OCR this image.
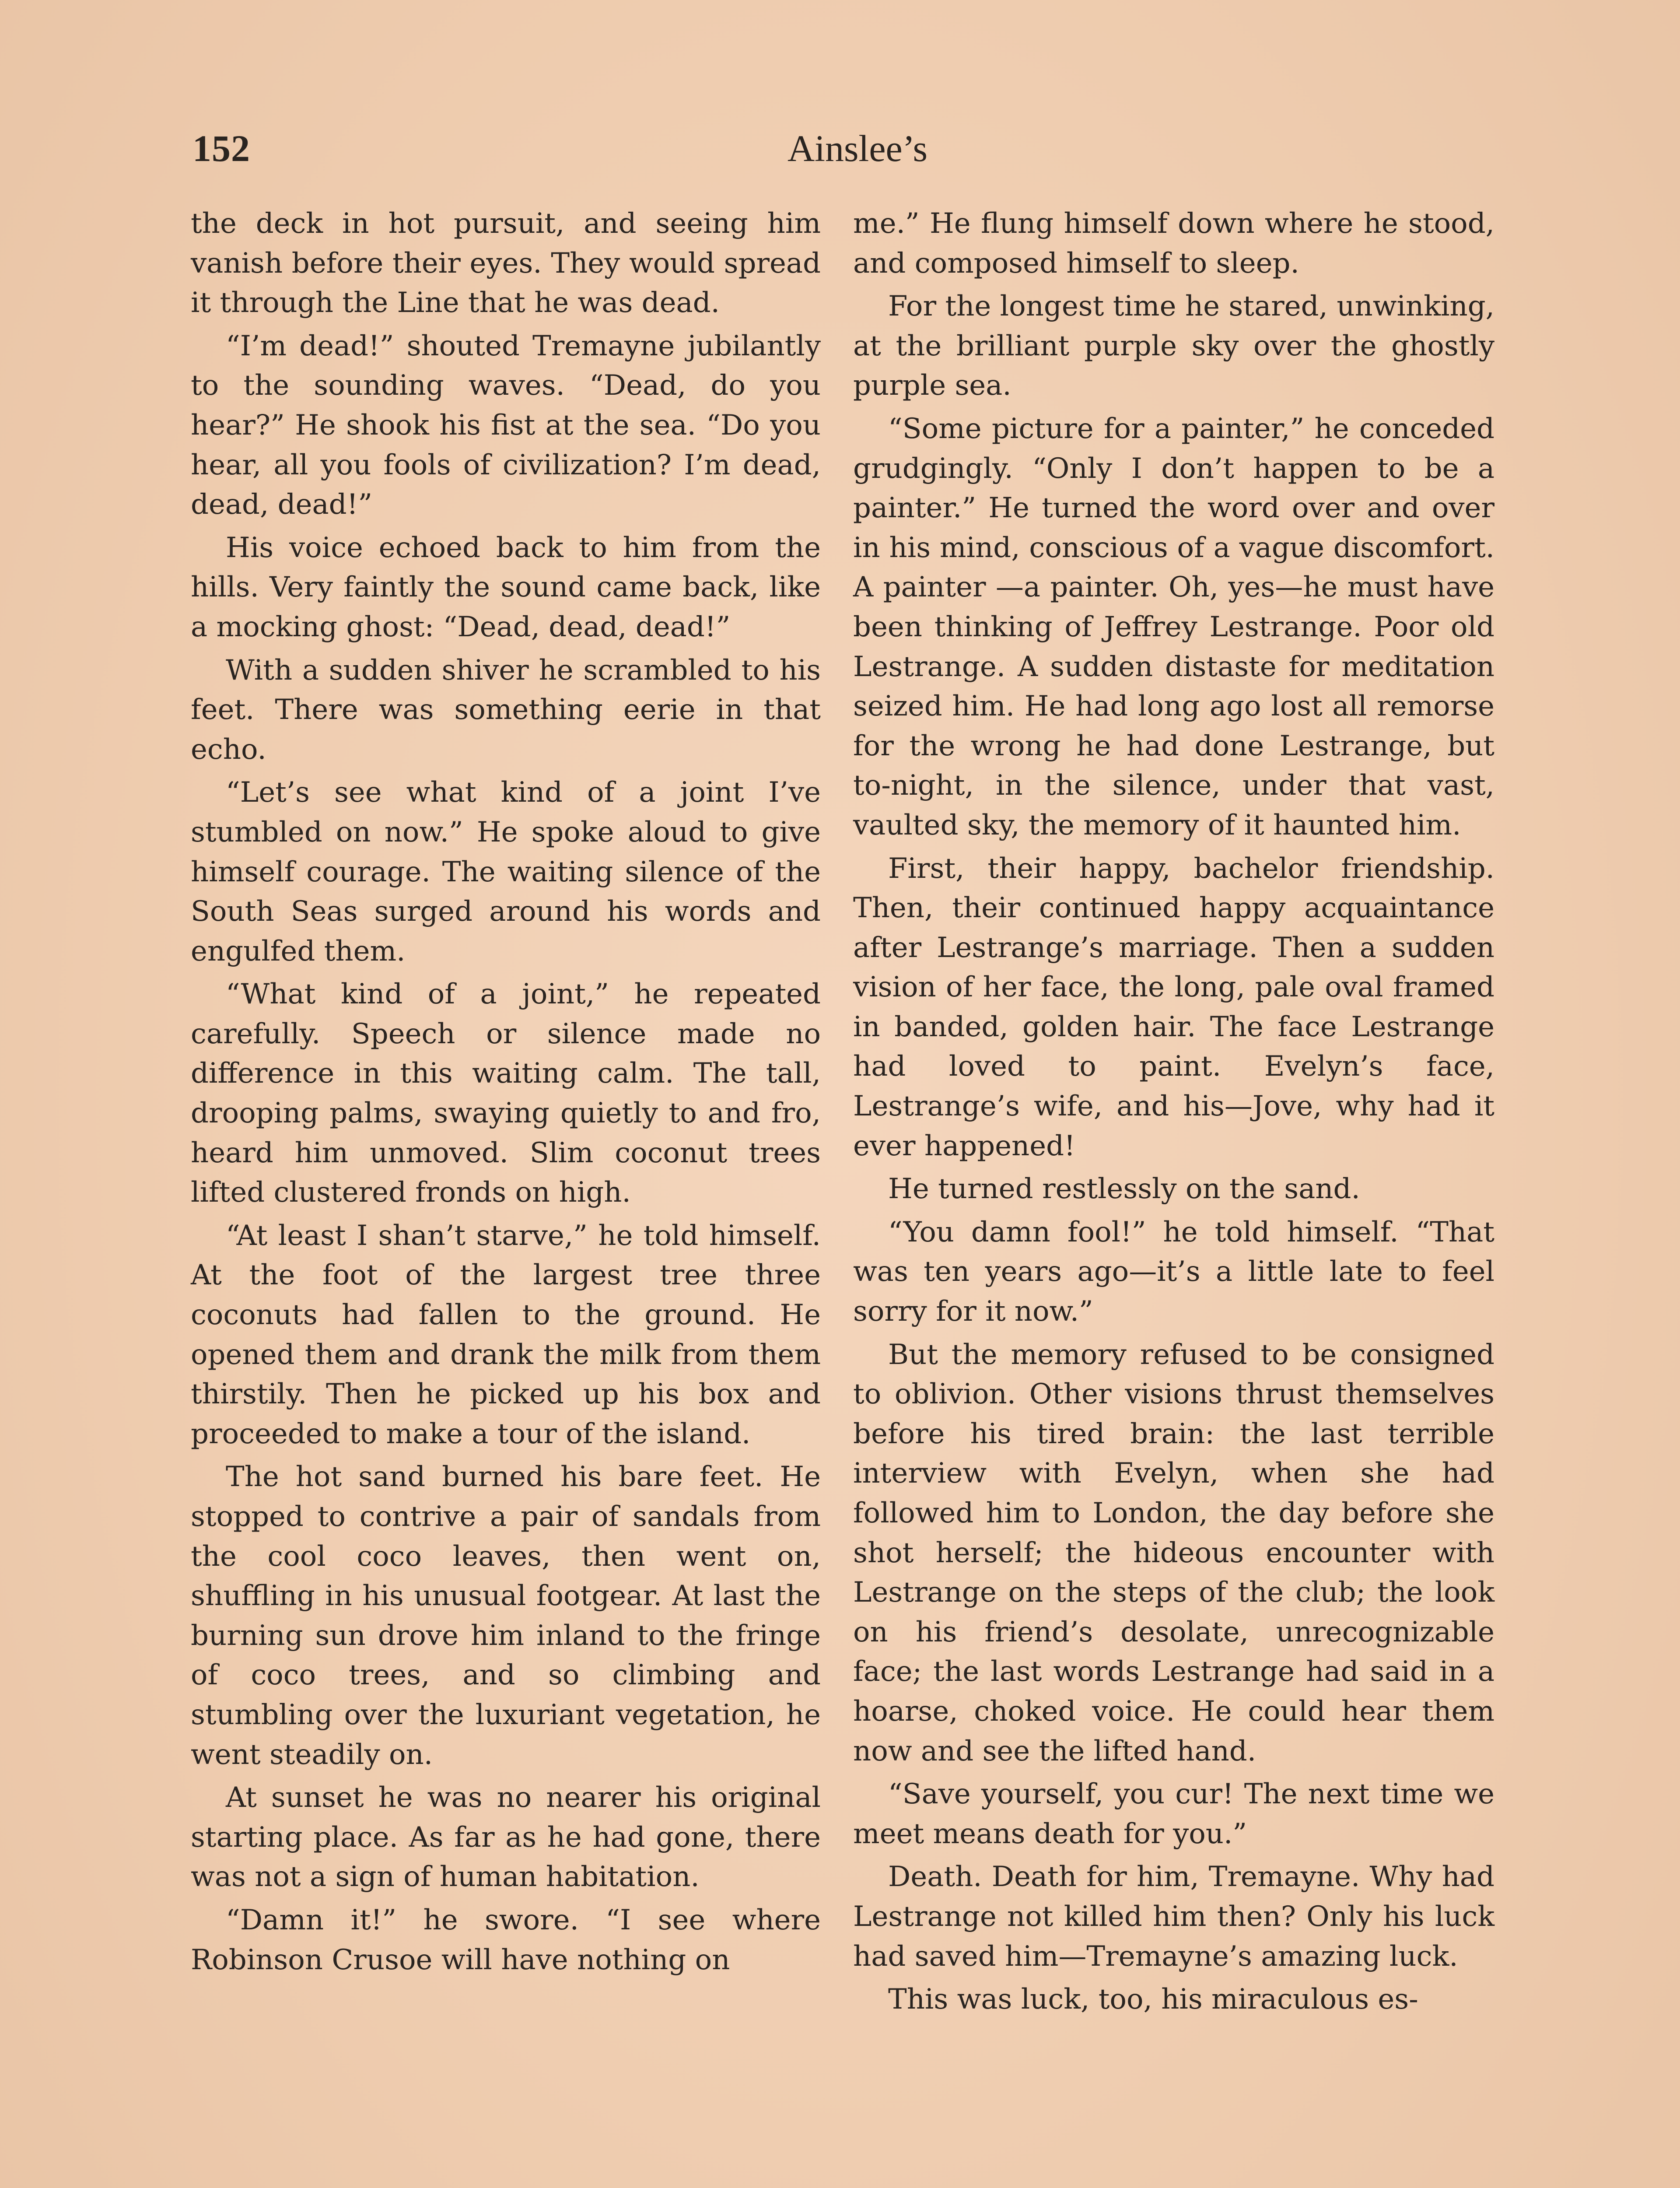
152	Ainslee’s

the deck in hot pursuit, and seeing him vanish before their eyes. They would spread it through the Line that he was dead.

“I’m dead!” shouted Tremayne jubilantly to the sounding waves. “Dead, do you hear?” He shook his fist at the sea. “Do you hear, all you fools of civilization? I’m dead, dead, dead!”

His voice echoed back to him from the hills. Very faintly the sound came back, like a mocking ghost: “Dead, dead, dead!”

With a sudden shiver he scrambled to his feet. There was something eerie in that echo.

“Let’s see what kind of a joint I’ve stumbled on now.” He spoke aloud to give himself courage. The waiting silence of the South Seas surged around his words and engulfed them.

“What kind of a joint,” he repeated carefully. Speech or silence made no difference in this waiting calm. The tall, drooping palms, swaying quietly to and fro, heard him unmoved. Slim coconut trees lifted clustered fronds on high.

“At least I shan’t starve,” he told himself. At the foot of the largest tree three coconuts had fallen to the ground. He opened them and drank the milk from them thirstily. Then he picked up his box and proceeded to make a tour of the island.

The hot sand burned his bare feet. He stopped to contrive a pair of sandals from the cool coco leaves, then went on, shuffling in his unusual footgear. At last the burning sun drove him inland to the fringe of coco trees, and so climbing and stumbling over the luxuriant vegetation, he went steadily on.

At sunset he was no nearer his original starting place. As far as he had gone, there was not a sign of human habitation.

“Damn it!” he swore. “I see where Robinson Crusoe will have nothing on

me.” He flung himself down where he stood, and composed himself to sleep.

For the longest time he stared, unwinking, at the brilliant purple sky over the ghostly purple sea.

“Some picture for a painter,” he conceded grudgingly. “Only I don’t happen to be a painter.” He turned the word over and over in his mind, conscious of a vague discomfort. A painter —a painter. Oh, yes—he must have been thinking of Jeffrey Lestrange. Poor old Lestrange. A sudden distaste for meditation seized him. He had long ago lost all remorse for the wrong he had done Lestrange, but to-night, in the silence, under that vast, vaulted sky, the memory of it haunted him.

First, their happy, bachelor friendship. Then, their continued happy acquaintance after Lestrange’s marriage. Then a sudden vision of her face, the long, pale oval framed in banded, golden hair. The face Lestrange had loved to paint. Evelyn’s face, Lestrange’s wife, and his—Jove, why had it ever happened!

He turned restlessly on the sand.

“You damn fool!” he told himself. “That was ten years ago—it’s a little late to feel sorry for it now.”

But the memory refused to be consigned to oblivion. Other visions thrust themselves before his tired brain: the last terrible interview with Evelyn, when she had followed him to London, the day before she shot herself; the hideous encounter with Lestrange on the steps of the club; the look on his friend’s desolate, unrecognizable face; the last words Lestrange had said in a hoarse, choked voice. He could hear them now and see the lifted hand.

“Save yourself, you cur! The next time we meet means death for you.”

Death. Death for him, Tremayne. Why had Lestrange not killed him then? Only his luck had saved him—Tremayne’s amazing luck.

This was luck, too, his miraculous es-
